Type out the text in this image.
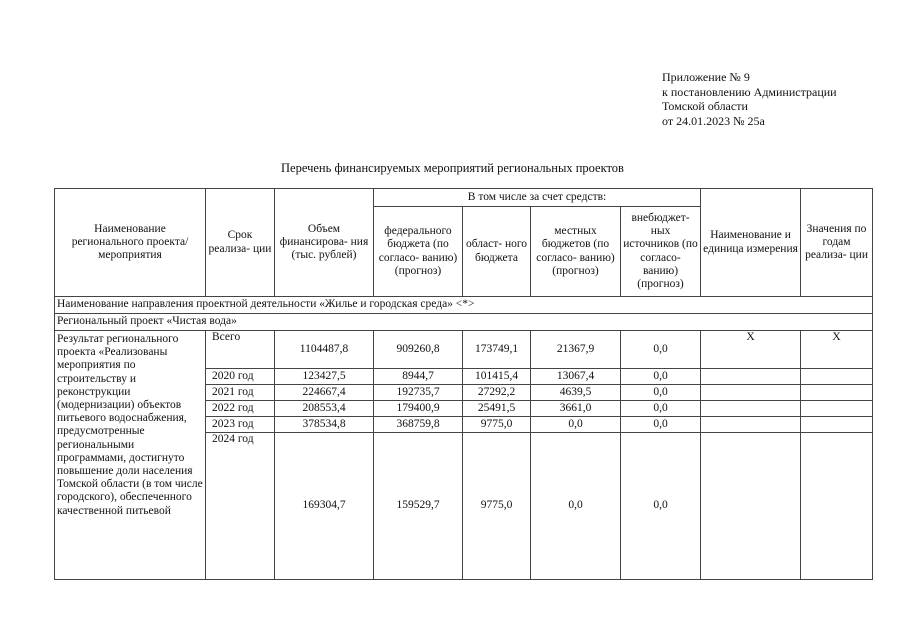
Приложение № 9
к постановлению Администрации
Томской области
от 24.01.2023 № 25а
Перечень финансируемых мероприятий региональных проектов
Наименование регионального проекта/ мероприятия	Срок реализа- ции	Объем финансирова- ния (тыс. рублей)	В том числе за счет средств:				Наименование и единица измерения	Значения по годам реализа- ции
			федерального бюджета (по согласо- ванию) (прогноз)	област- ного бюджета	местных бюджетов (по согласо- ванию) (прогноз)	внебюджет- ных источников (по согласо- ванию) (прогноз)		
Наименование направления проектной деятельности «Жилье и городская среда» <*>								
Региональный проект «Чистая вода»								
Результат регионального проекта «Реализованы мероприятия по строительству и реконструкции (модернизации) объектов питьевого водоснабжения, предусмотренные региональными программами, достигнуто повышение доли населения Томской области (в том числе городского), обеспеченного качественной питьевой	Всего	1104487,8	909260,8	173749,1	21367,9	0,0	X	X
	2020 год	123427,5	8944,7	101415,4	13067,4	0,0		
	2021 год	224667,4	192735,7	27292,2	4639,5	0,0		
	2022 год	208553,4	179400,9	25491,5	3661,0	0,0		
	2023 год	378534,8	368759,8	9775,0	0,0	0,0		
	2024 год	169304,7	159529,7	9775,0	0,0	0,0		
